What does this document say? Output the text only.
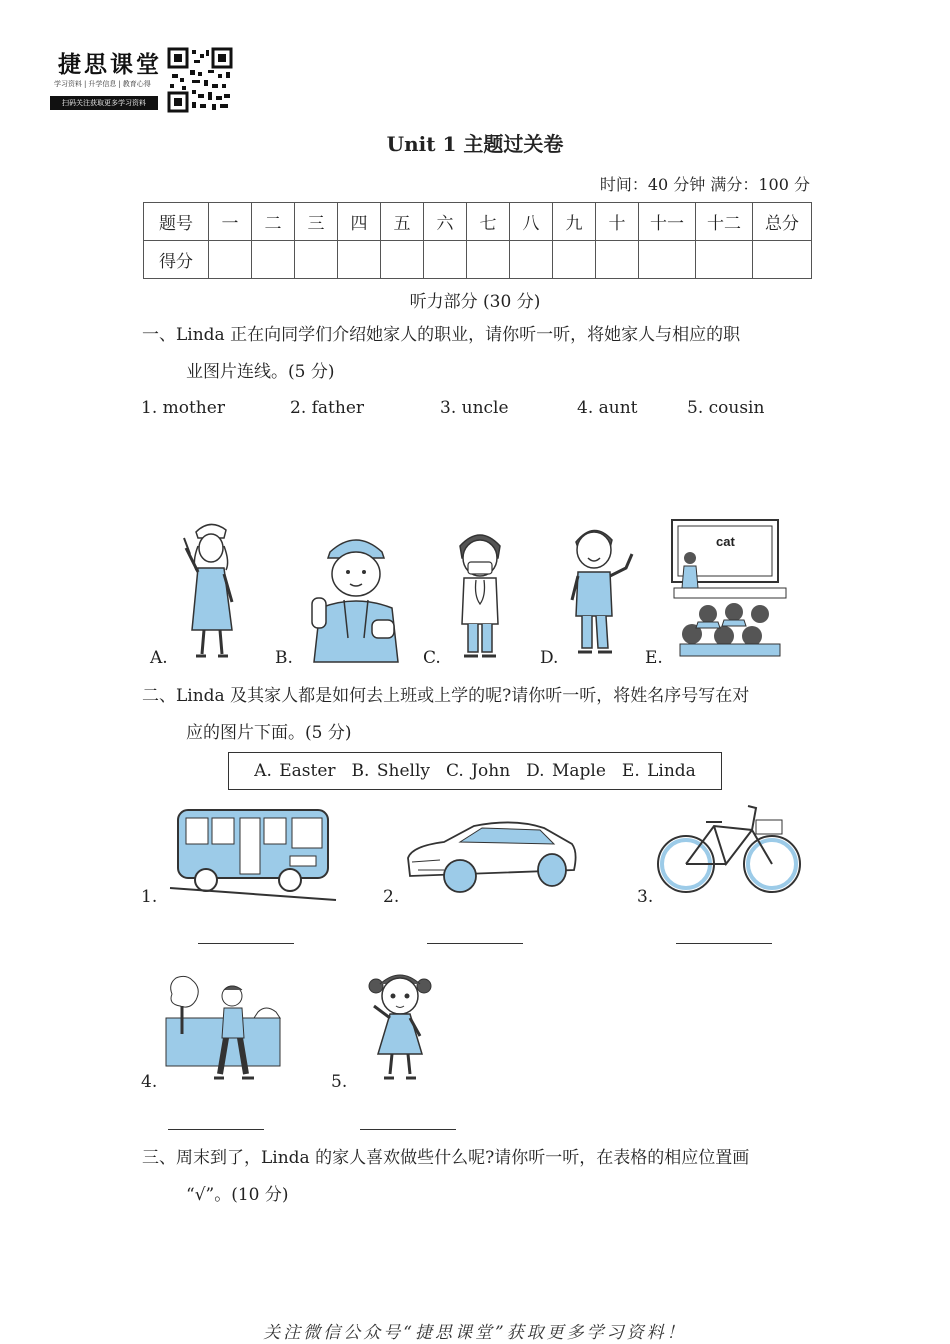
捷思课堂
学习资料 | 升学信息 | 教育心得
扫码关注获取更多学习资料
Unit 1 主题过关卷
时间：40 分钟 满分：100 分
题号	一	二	三	四	五	六	七	八	九	十	十一	十二	总分
得分													
听力部分 (30 分)
一、Linda 正在向同学们介绍她家人的职业，请你听一听，将她家人与相应的职
业图片连线。(5 分)
1. mother	2. father	3. uncle	4. aunt	5. cousin
A.	B.	C.	D.
cat
E.
二、Linda 及其家人都是如何去上班或上学的呢?请你听一听，将姓名序号写在对
应的图片下面。(5 分)
A. Easter B. Shelly C. John D. Maple E. Linda
1.	2.	3.
4.	5.
三、周末到了，Linda 的家人喜欢做些什么呢?请你听一听，在表格的相应位置画
“√”。(10 分)
关注微信公众号“捷思课堂”获取更多学习资料！
